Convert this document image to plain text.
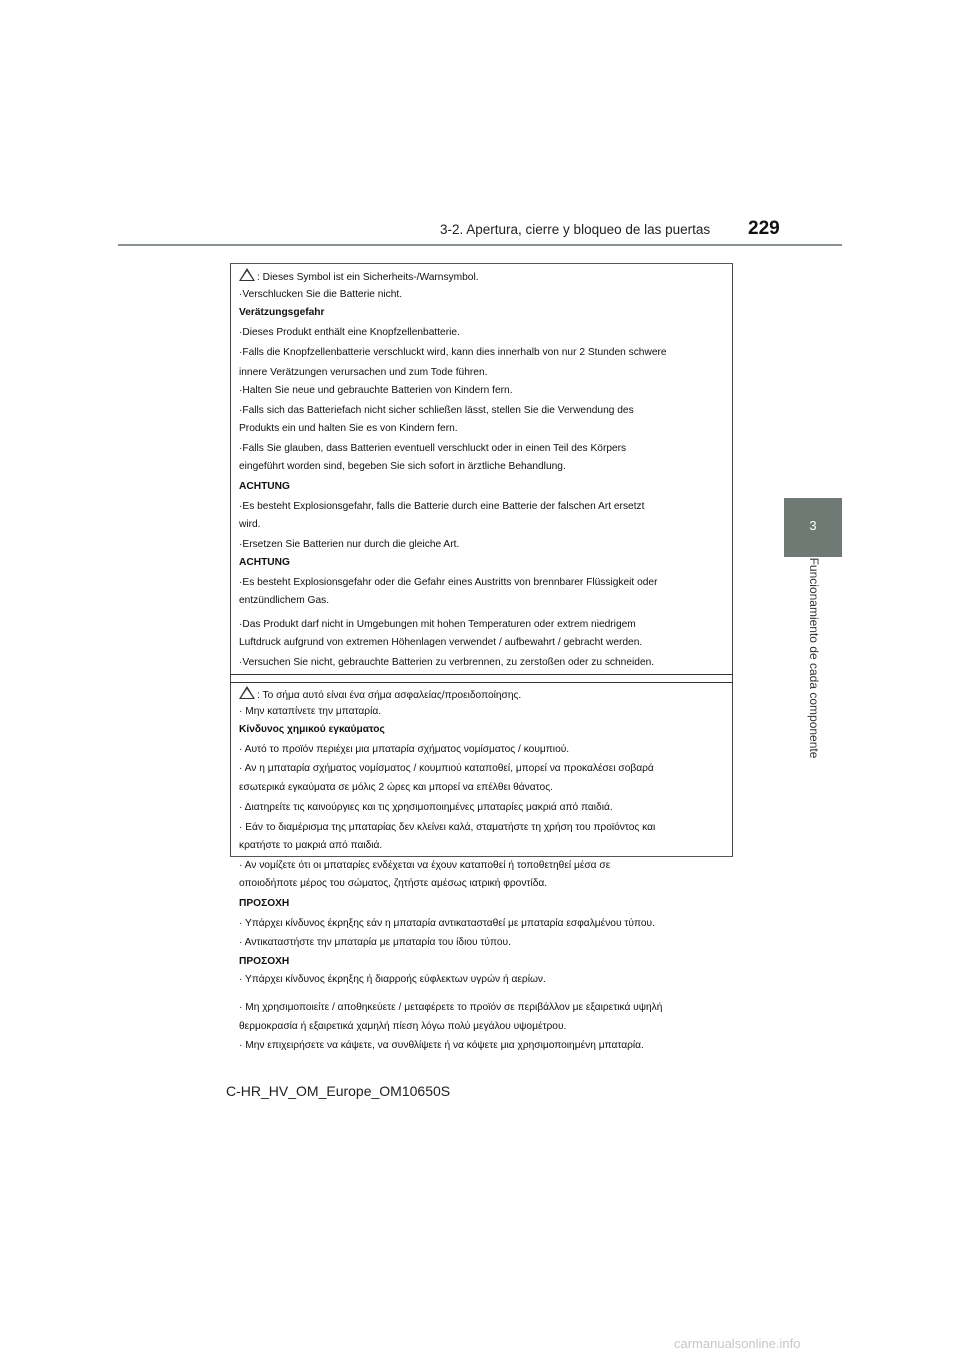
3-2. Apertura, cierre y bloqueo de las puertas 229
3
Funcionamiento de cada componente
: Dieses Symbol ist ein Sicherheits-/Warnsymbol.
·Verschlucken Sie die Batterie nicht.
Verätzungsgefahr
·Dieses Produkt enthält eine Knopfzellenbatterie.
·Falls die Knopfzellenbatterie verschluckt wird, kann dies innerhalb von nur 2 Stunden schwere
innere Verätzungen verursachen und zum Tode führen.
·Halten Sie neue und gebrauchte Batterien von Kindern fern.
·Falls sich das Batteriefach nicht sicher schließen lässt, stellen Sie die Verwendung des
Produkts ein und halten Sie es von Kindern fern.
·Falls Sie glauben, dass Batterien eventuell verschluckt oder in einen Teil des Körpers
eingeführt worden sind, begeben Sie sich sofort in ärztliche Behandlung.
ACHTUNG
·Es besteht Explosionsgefahr, falls die Batterie durch eine Batterie der falschen Art ersetzt
wird.
·Ersetzen Sie Batterien nur durch die gleiche Art.
ACHTUNG
·Es besteht Explosionsgefahr oder die Gefahr eines Austritts von brennbarer Flüssigkeit oder
entzündlichem Gas.
·Das Produkt darf nicht in Umgebungen mit hohen Temperaturen oder extrem niedrigem
Luftdruck aufgrund von extremen Höhenlagen verwendet / aufbewahrt / gebracht werden.
·Versuchen Sie nicht, gebrauchte Batterien zu verbrennen, zu zerstoßen oder zu schneiden.
: Το σήμα αυτό είναι ένα σήμα ασφαλείας/προειδοποίησης.
· Μην καταπίνετε την μπαταρία.
Κίνδυνος χημικού εγκαύματος
· Αυτό το προϊόν περιέχει μια μπαταρία σχήματος νομίσματος / κουμπιού.
· Αν η μπαταρία σχήματος νομίσματος / κουμπιού καταποθεί, μπορεί να προκαλέσει σοβαρά
εσωτερικά εγκαύματα σε μόλις 2 ώρες και μπορεί να επέλθει θάνατος.
· Διατηρείτε τις καινούργιες και τις χρησιμοποιημένες μπαταρίες μακριά από παιδιά.
· Εάν το διαμέρισμα της μπαταρίας δεν κλείνει καλά, σταματήστε τη χρήση του προϊόντος και
κρατήστε το μακριά από παιδιά.
· Αν νομίζετε ότι οι μπαταρίες ενδέχεται να έχουν καταποθεί ή τοποθετηθεί μέσα σε
οποιοδήποτε μέρος του σώματος, ζητήστε αμέσως ιατρική φροντίδα.
ΠΡΟΣΟΧΗ
· Υπάρχει κίνδυνος έκρηξης εάν η μπαταρία αντικατασταθεί με μπαταρία εσφαλμένου τύπου.
· Αντικαταστήστε την μπαταρία με μπαταρία του ίδιου τύπου.
ΠΡΟΣΟΧΗ
· Υπάρχει κίνδυνος έκρηξης ή διαρροής εύφλεκτων υγρών ή αερίων.
· Μη χρησιμοποιείτε / αποθηκεύετε / μεταφέρετε το προϊόν σε περιβάλλον με εξαιρετικά υψηλή
θερμοκρασία ή εξαιρετικά χαμηλή πίεση λόγω πολύ μεγάλου υψομέτρου.
· Μην επιχειρήσετε να κάψετε, να συνθλίψετε ή να κόψετε μια χρησιμοποιημένη μπαταρία.
C-HR_HV_OM_Europe_OM10650S
carmanualsonline.info
